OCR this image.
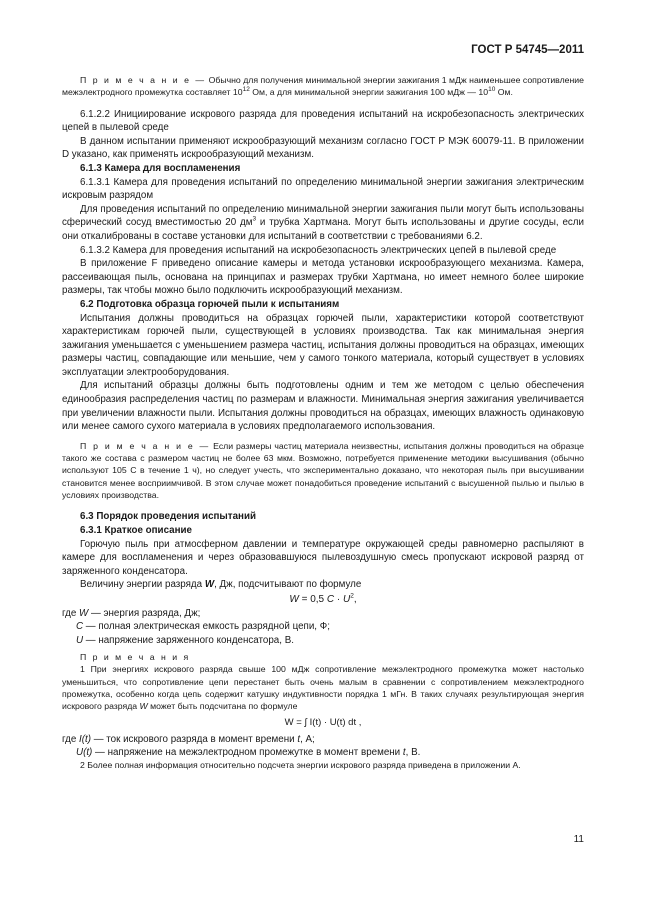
ГОСТ Р 54745—2011

П р и м е ч а н и е — Обычно для получения минимальной энергии зажигания 1 мДж наименьшее сопротивление межэлектродного промежутка составляет $10^{12}$ Ом, а для минимальной энергии зажигания 100 мДж — $10^{10}$ Ом.

6.1.2.2 Инициирование искрового разряда для проведения испытаний на искробезопасность электрических цепей в пылевой среде

В данном испытании применяют искрообразующий механизм согласно ГОСТ Р МЭК 60079-11. В приложении D указано, как применять искрообразующий механизм.

6.1.3 Камера для воспламенения

6.1.3.1 Камера для проведения испытаний по определению минимальной энергии зажигания электрическим искровым разрядом

Для проведения испытаний по определению минимальной энергии зажигания пыли могут быть использованы сферический сосуд вместимостью 20 $дм^3$ и трубка Хартмана. Могут быть использованы и другие сосуды, если они откалиброваны в составе установки для испытаний в соответствии с требованиями 6.2.

6.1.3.2 Камера для проведения испытаний на искробезопасность электрических цепей в пылевой среде

В приложение F приведено описание камеры и метода установки искрообразующего механизма. Камера, рассеивающая пыль, основана на принципах и размерах трубки Хартмана, но имеет немного более широкие размеры, так чтобы можно было подключить искрообразующий механизм.

6.2 Подготовка образца горючей пыли к испытаниям

Испытания должны проводиться на образцах горючей пыли, характеристики которой соответствуют характеристикам горючей пыли, существующей в условиях производства. Так как минимальная энергия зажигания уменьшается с уменьшением размера частиц, испытания должны проводиться на образцах, имеющих размеры частиц, совпадающие или меньшие, чем у самого тонкого материала, который существует в условиях эксплуатации электрооборудования.

Для испытаний образцы должны быть подготовлены одним и тем же методом с целью обеспечения единообразия распределения частиц по размерам и влажности. Минимальная энергия зажигания увеличивается при увеличении влажности пыли. Испытания должны проводиться на образцах, имеющих влажность одинаковую или менее самого сухого материала в условиях предполагаемого использования.

П р и м е ч а н и е — Если размеры частиц материала неизвестны, испытания должны проводиться на образце такого же состава с размером частиц не более 63 мкм. Возможно, потребуется применение методики высушивания (обычно используют 105 С в течение 1 ч), но следует учесть, что экспериментально доказано, что некоторая пыль при высушивании становится менее восприимчивой. В этом случае может понадобиться проведение испытаний с высушенной пылью и пылью в условиях производства.

6.3 Порядок проведения испытаний

6.3.1 Краткое описание

Горючую пыль при атмосферном давлении и температуре окружающей среды равномерно распыляют в камере для воспламенения и через образовавшуюся пылевоздушную смесь пропускают искровой разряд от заряженного конденсатора.

Величину энергии разряда W, Дж, подсчитывают по формуле

W = 0,5 $C \cdot U^2$,
где W — энергия разряда, Дж;
C — полная электрическая емкость разрядной цепи, Ф;
U — напряжение заряженного конденсатора, В.

П р и м е ч а н и я

1 При энергиях искрового разряда свыше 100 мДж сопротивление межэлектродного промежутка может настолько уменьшиться, что сопротивление цепи перестанет быть очень малым в сравнении с сопротивлением межэлектродного промежутка, особенно когда цепь содержит катушку индуктивности порядка 1 мГн. В таких случаях результирующая энергия искрового разряда W может быть подсчитана по формуле

W = ∫ I(t) · U(t) dt ,
где I(t) — ток искрового разряда в момент времени t, А;
U(t) — напряжение на межэлектродном промежутке в момент времени t, В.

2 Более полная информация относительно подсчета энергии искрового разряда приведена в приложении А.

11
